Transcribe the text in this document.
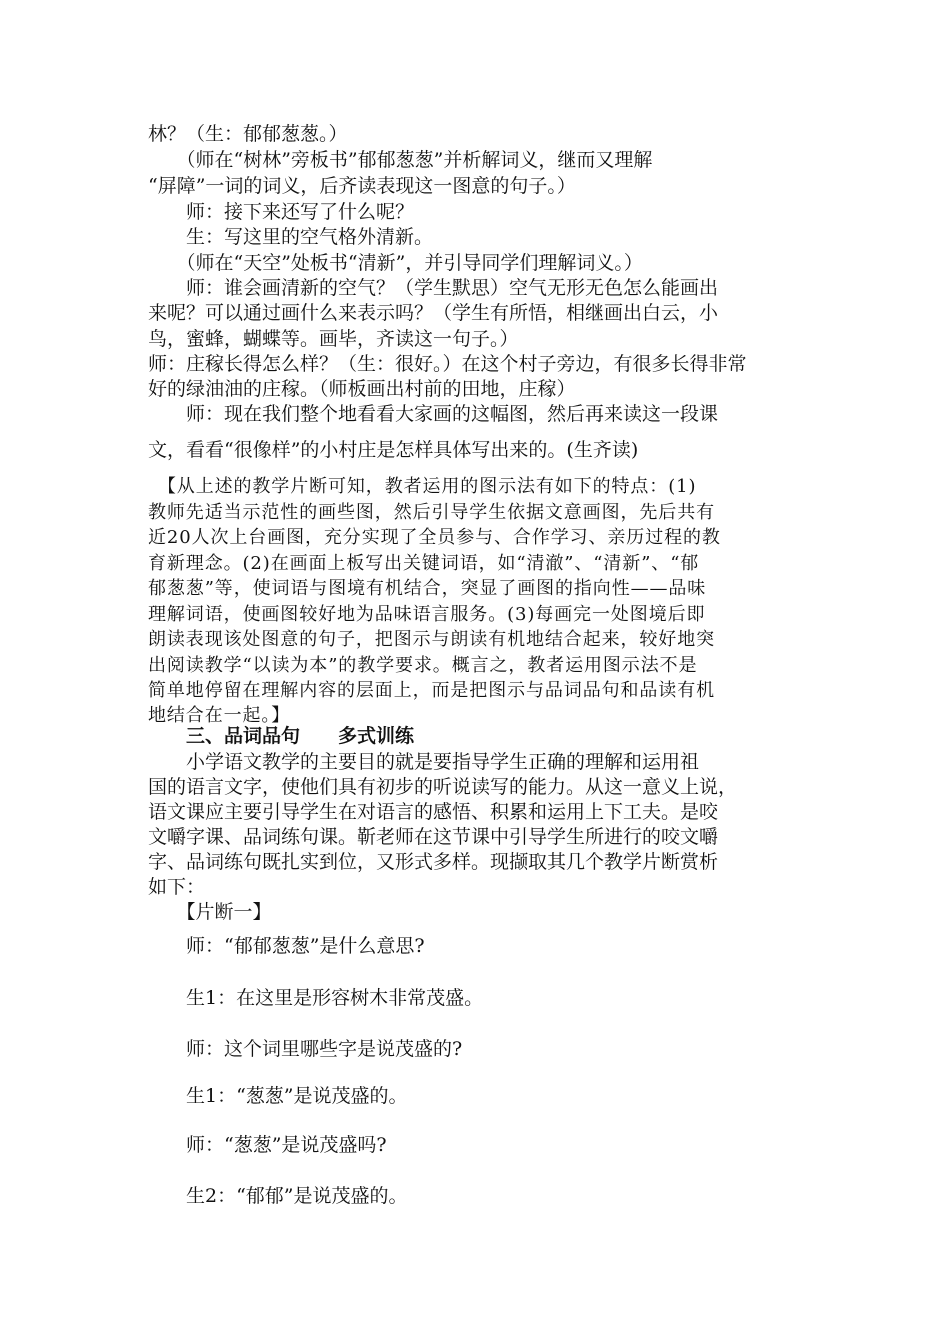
林？（生：郁郁葱葱。）
　　（师在“树林”旁板书”郁郁葱葱”并析解词义，继而又理解
“屏障”一词的词义，后齐读表现这一图意的句子。）
　　师：接下来还写了什么呢？
　　生：写这里的空气格外清新。
　　（师在“天空”处板书“清新”，并引导同学们理解词义。）
　　师：谁会画清新的空气？（学生默思）空气无形无色怎么能画出
来呢？可以通过画什么来表示吗？（学生有所悟，相继画出白云，小
鸟，蜜蜂，蝴蝶等。画毕，齐读这一句子。）
师：庄稼长得怎么样？（生：很好。）在这个村子旁边，有很多长得非常
好的绿油油的庄稼。（师板画出村前的田地，庄稼）
　　师：现在我们整个地看看大家画的这幅图，然后再来读这一段课
文，看看“很像样”的小村庄是怎样具体写出来的。(生齐读)
　【从上述的教学片断可知，教者运用的图示法有如下的特点：(1)
教师先适当示范性的画些图，然后引导学生依据文意画图，先后共有
近20人次上台画图，充分实现了全员参与、合作学习、亲历过程的教
育新理念。(2)在画面上板写出关键词语，如“清澈”、“清新”、“郁
郁葱葱”等，使词语与图境有机结合，突显了画图的指向性——品味
理解词语，使画图较好地为品味语言服务。(3)每画完一处图境后即
朗读表现该处图意的句子，把图示与朗读有机地结合起来，较好地突
出阅读教学“以读为本”的教学要求。概言之，教者运用图示法不是
简单地停留在理解内容的层面上，而是把图示与品词品句和品读有机
地结合在一起。】
　　三、品词品句　　多式训练
　　小学语文教学的主要目的就是要指导学生正确的理解和运用祖
国的语言文字，使他们具有初步的听说读写的能力。从这一意义上说，
语文课应主要引导学生在对语言的感悟、积累和运用上下工夫。是咬
文嚼字课、品词练句课。靳老师在这节课中引导学生所进行的咬文嚼
字、品词练句既扎实到位，又形式多样。现撷取其几个教学片断赏析
如下：
　　【片断一】
　　师：“郁郁葱葱”是什么意思?
　　生1：在这里是形容树木非常茂盛。
　　师：这个词里哪些字是说茂盛的?
　　生1：“葱葱”是说茂盛的。
　　师：“葱葱”是说茂盛吗?
　　生2：“郁郁”是说茂盛的。
